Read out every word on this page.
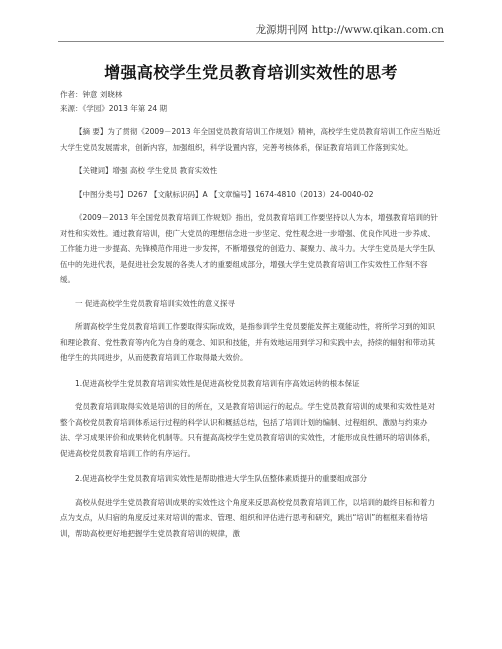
龙源期刊网 http://www.qikan.com.cn
增强高校学生党员教育培训实效性的思考
作者：钟意 刘晓林
来源：《学园》2013 年第 24 期

【摘 要】为了贯彻《2009－2013 年全国党员教育培训工作规划》精神，高校学生党员教育培训工作应当贴近大学生党员发展需求，创新内容，加强组织，科学设置内容，完善考核体系，保证教育培训工作落到实处。

【关键词】增强 高校 学生党员 教育实效性

【中图分类号】D267 【文献标识码】A 【文章编号】1674-4810（2013）24-0040-02

《2009－2013 年全国党员教育培训工作规划》指出，党员教育培训工作要坚持以人为本，增强教育培训的针对性和实效性。通过教育培训，使广大党员的理想信念进一步坚定、党性观念进一步增强、优良作风进一步养成、工作能力进一步提高、先锋模范作用进一步发挥，不断增强党的创造力、凝聚力、战斗力。大学生党员是大学生队伍中的先进代表，是促进社会发展的各类人才的重要组成部分，增强大学生党员教育培训工作实效性工作刻不容缓。

一 促进高校学生党员教育培训实效性的意义探寻

所谓高校学生党员教育培训工作要取得实际成效，是指参训学生党员要能发挥主观能动性，将所学习到的知识和理论教育、党性教育等内化为自身的观念、知识和技能，并有效地运用到学习和实践中去，持续的辐射和带动其他学生的共同进步，从而使教育培训工作取得最大效价。

1.促进高校学生党员教育培训实效性是促进高校党员教育培训有序高效运转的根本保证

党员教育培训取得实效是培训的目的所在，又是教育培训运行的起点。学生党员教育培训的成果和实效性是对整个高校党员教育培训体系运行过程的科学认识和概括总结，包括了培训计划的编制、过程组织、激励与约束办法、学习成果评价和成果转化机制等。只有提高高校学生党员教育培训的实效性，才能形成良性循环的培训体系，促进高校党员教育培训工作的有序运行。

2.促进高校学生党员教育培训实效性是帮助推进大学生队伍整体素质提升的重要组成部分

高校从促进学生党员教育培训成果的实效性这个角度来反思高校党员教育培训工作，以培训的最终目标和着力点为支点，从归宿的角度反过来对培训的需求、管理、组织和评估进行思考和研究，跳出“培训”的框框来看待培训，帮助高校更好地把握学生党员教育培训的规律，激
